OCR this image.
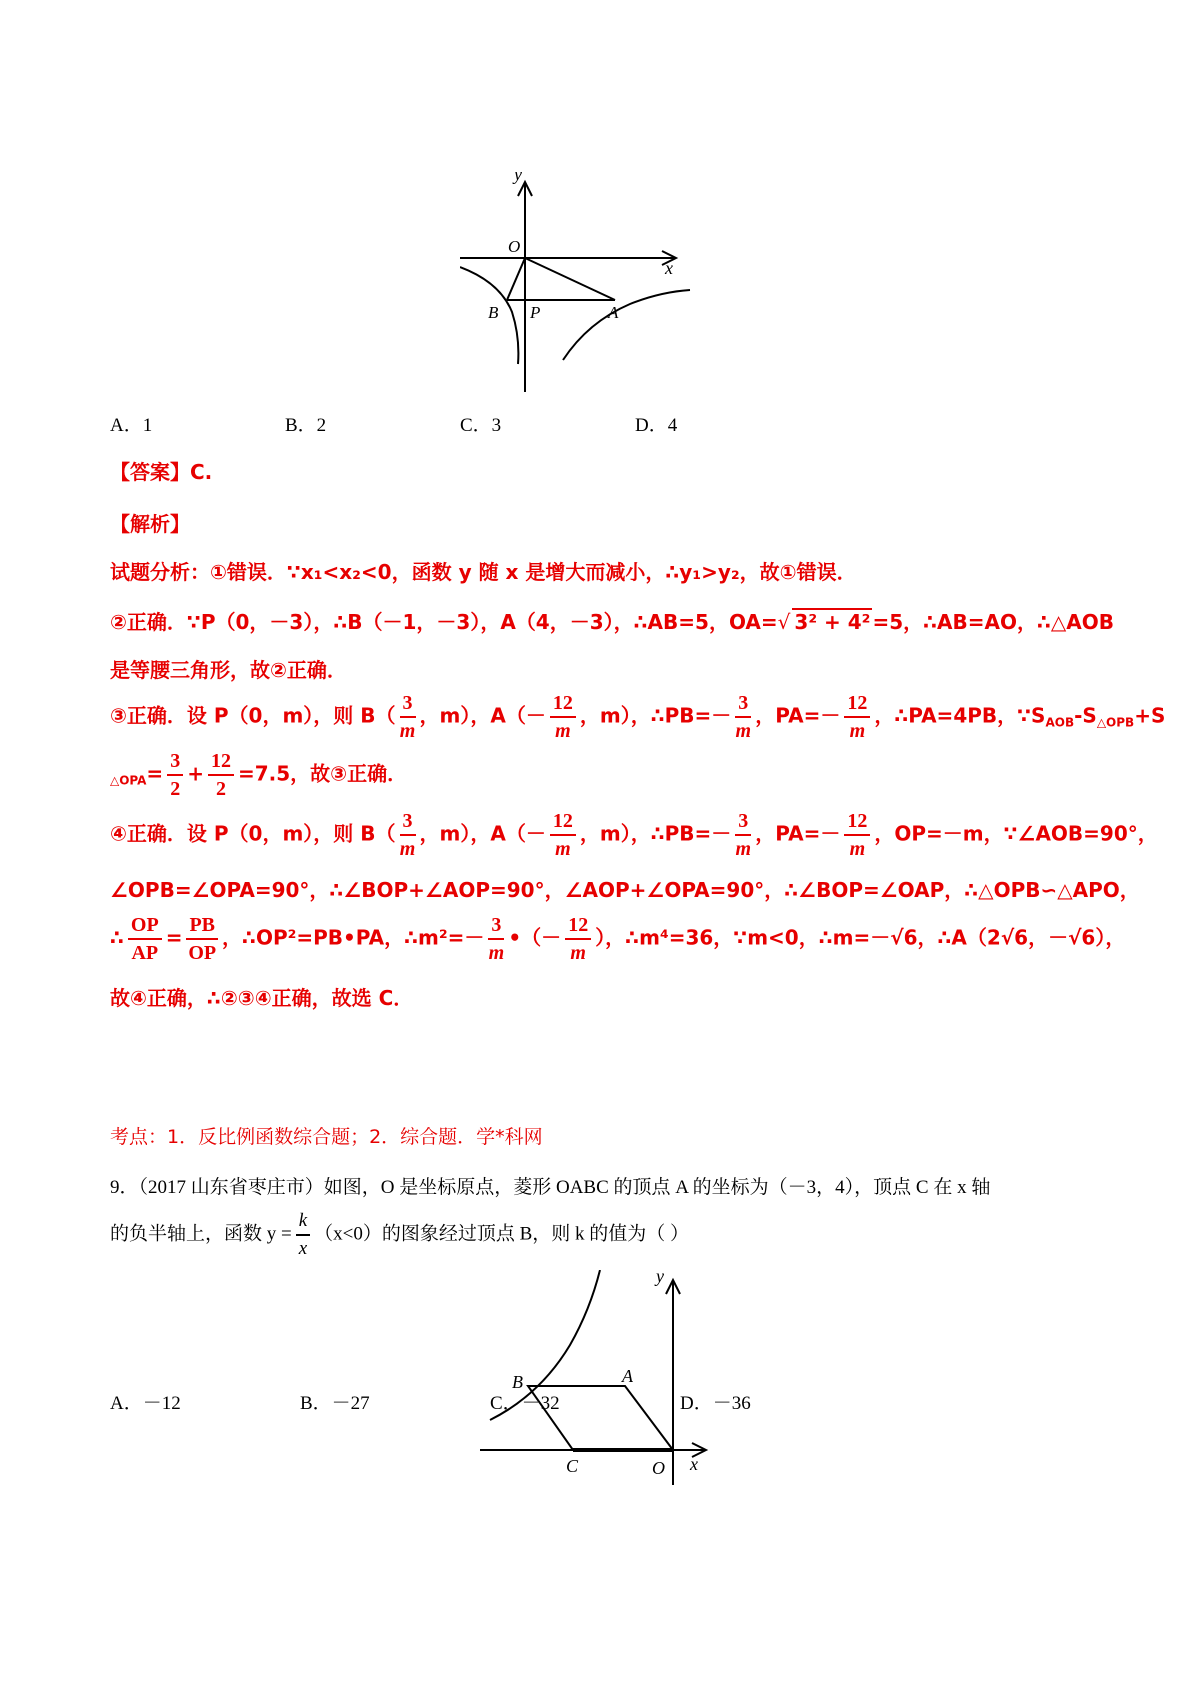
y
x
O
B P	A
A．1	B．2	C．3	D．4
【答案】C.
【解析】
试题分析：①错误．∵x₁<x₂<0，函数 y 随 x 是增大而减小，∴y₁>y₂，故①错误．
②正确．∵P（0，－3），∴B（－1，－3），A（4，－3），∴AB=5，OA=√ 3² + 4² =5，∴AB=AO，∴△AOB
是等腰三角形，故②正确．
③正确．设 P（0，m），则 $B( \frac{3}{m}$ ，m），$A(- \frac{12}{m}$ ，m），∴PB=－ $\frac{3}{m}$ ，$PA=- \frac{12}{m}$ ，∴PA=4PB，$\because S_{AOB}-S_{\triangle OPB}+S$
$_{\triangle OPA}= \frac{3}{2} + \frac{12}{2} =7.5$，故③正确．
④正确．设 P（0，m），则 $B( \frac{3}{m}$ ，m），$A(- \frac{12}{m}$ ，m），∴PB=－ $\frac{3}{m}$ ，$PA=- \frac{12}{m}$ ，OP=－m，∵∠AOB=90°，
∠OPB=∠OPA=90°，∴∠BOP+∠AOP=90°，∠AOP+∠OPA=90°，∴∠BOP=∠OAP，∴△OPB∽△APO，
∴ $\frac{OP}{AP} = \frac{PB}{OP}$ ，∴OP²=PB•PA，∴m²=－ $\frac{3}{m}$ •（－ $\frac{12}{m}$ ），∴m⁴=36，∵m<0，∴m=－√6，∴A（2√6，－√6），
故④正确，∴②③④正确，故选 C．
考点：1．反比例函数综合题；2．综合题．学*科网
9．（2017 山东省枣庄市）如图，O 是坐标原点，菱形 OABC 的顶点 A 的坐标为（－3，4），顶点 C 在 x 轴
的负半轴上，函数 $y = \frac{k}{x} (x<0)$的图象经过顶点 B，则 k 的值为（ ）
y
x
B	A
C	O
A．－12	B．－27	C．－32	D．－36
